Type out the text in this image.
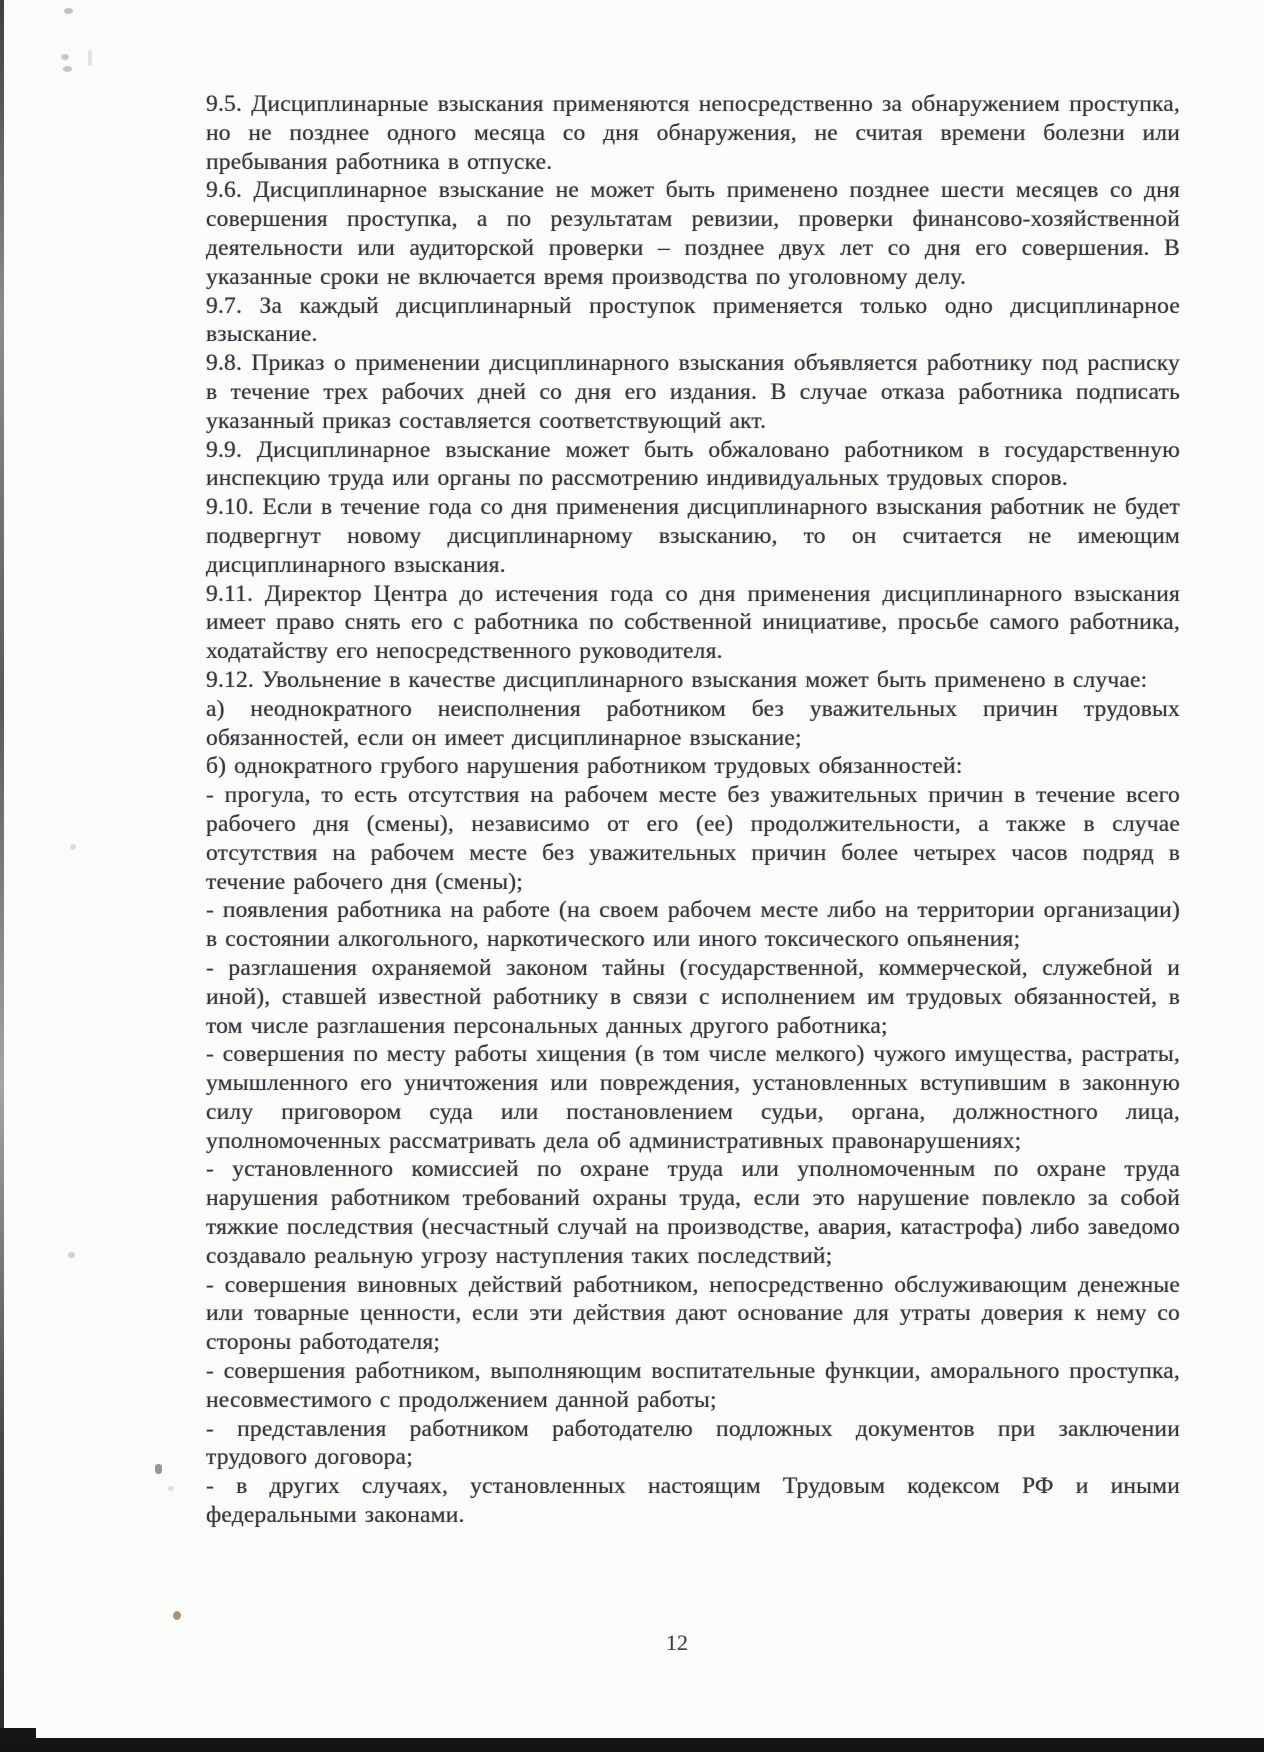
9.5. Дисциплинарные взыскания применяются непосредственно за обнаружением проступка, но не позднее одного месяца со дня обнаружения, не считая времени болезни или пребывания работника в отпуске.

9.6. Дисциплинарное взыскание не может быть применено позднее шести месяцев со дня совершения проступка, а по результатам ревизии, проверки финансово-хозяйственной деятельности или аудиторской проверки – позднее двух лет со дня его совершения. В указанные сроки не включается время производства по уголовному делу.

9.7. За каждый дисциплинарный проступок применяется только одно дисциплинарное взыскание.

9.8. Приказ о применении дисциплинарного взыскания объявляется работнику под расписку в течение трех рабочих дней со дня его издания. В случае отказа работника подписать указанный приказ составляется соответствующий акт.

9.9. Дисциплинарное взыскание может быть обжаловано работником в государственную инспекцию труда или органы по рассмотрению индивидуальных трудовых споров.

9.10. Если в течение года со дня применения дисциплинарного взыскания работник не будет подвергнут новому дисциплинарному взысканию, то он считается не имеющим дисциплинарного взыскания.

9.11. Директор Центра до истечения года со дня применения дисциплинарного взыскания имеет право снять его с работника по собственной инициативе, просьбе самого работника, ходатайству его непосредственного руководителя.

9.12. Увольнение в качестве дисциплинарного взыскания может быть применено в случае:

а) неоднократного неисполнения работником без уважительных причин трудовых обязанностей, если он имеет дисциплинарное взыскание;

б) однократного грубого нарушения работником трудовых обязанностей:

- прогула, то есть отсутствия на рабочем месте без уважительных причин в течение всего рабочего дня (смены), независимо от его (ее) продолжительности, а также в случае отсутствия на рабочем месте без уважительных причин более четырех часов подряд в течение рабочего дня (смены);

- появления работника на работе (на своем рабочем месте либо на территории организации) в состоянии алкогольного, наркотического или иного токсического опьянения;

- разглашения охраняемой законом тайны (государственной, коммерческой, служебной и иной), ставшей известной работнику в связи с исполнением им трудовых обязанностей, в том числе разглашения персональных данных другого работника;

- совершения по месту работы хищения (в том числе мелкого) чужого имущества, растраты, умышленного его уничтожения или повреждения, установленных вступившим в законную силу приговором суда или постановлением судьи, органа, должностного лица, уполномоченных рассматривать дела об административных правонарушениях;

- установленного комиссией по охране труда или уполномоченным по охране труда нарушения работником требований охраны труда, если это нарушение повлекло за собой тяжкие последствия (несчастный случай на производстве, авария, катастрофа) либо заведомо создавало реальную угрозу наступления таких последствий;

- совершения виновных действий работником, непосредственно обслуживающим денежные или товарные ценности, если эти действия дают основание для утраты доверия к нему со стороны работодателя;

- совершения работником, выполняющим воспитательные функции, аморального проступка, несовместимого с продолжением данной работы;

- представления работником работодателю подложных документов при заключении трудового договора;

- в других случаях, установленных настоящим Трудовым кодексом РФ и иными федеральными законами.

12
